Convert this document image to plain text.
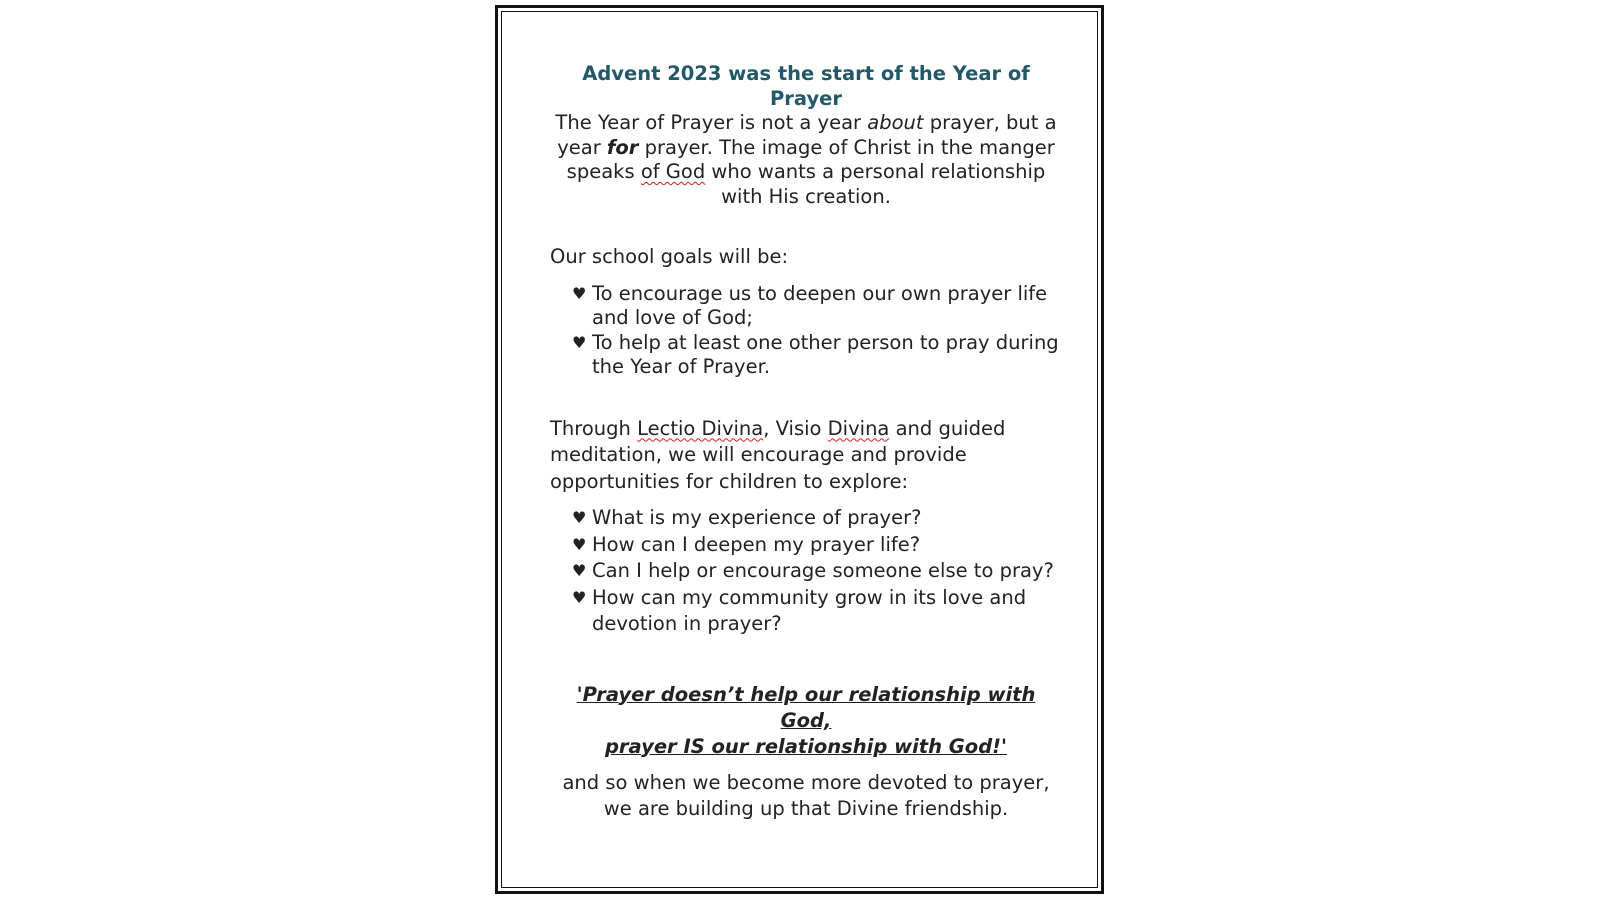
Advent 2023 was the start of the Year of Prayer

The Year of Prayer is not a year about prayer, but a year for prayer. The image of Christ in the manger speaks of God who wants a personal relationship with His creation.

Our school goals will be:

♥ To encourage us to deepen our own prayer life and love of God;
♥ To help at least one other person to pray during the Year of Prayer.

Through Lectio Divina, Visio Divina and guided meditation, we will encourage and provide opportunities for children to explore:

♥ What is my experience of prayer?
♥ How can I deepen my prayer life?
♥ Can I help or encourage someone else to pray?
♥ How can my community grow in its love and devotion in prayer?

'Prayer doesn’t help our relationship with God,
prayer IS our relationship with God!'

and so when we become more devoted to prayer, we are building up that Divine friendship.
